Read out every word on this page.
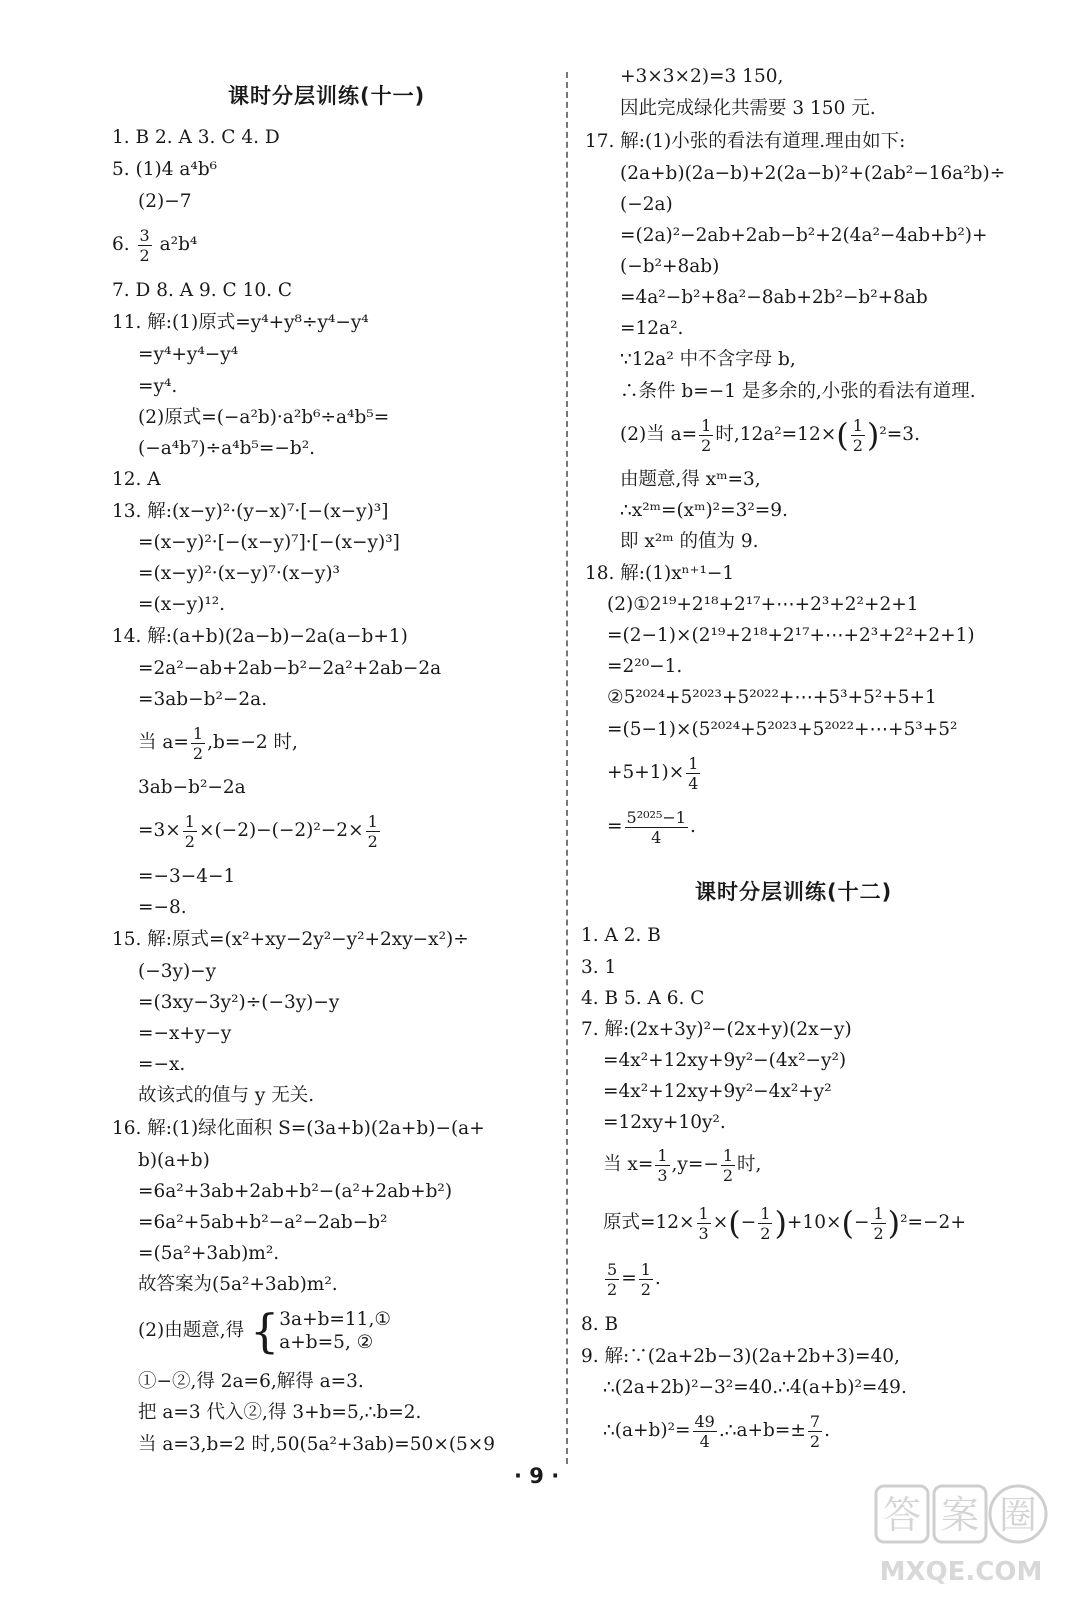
课时分层训练(十一)
1. B 2. A 3. C 4. D
5. (1)4 a⁴b⁶
(2)−7
6. $\frac{3}{2} a^2b^4$
7. D 8. A 9. C 10. C
11. 解:(1)原式=y⁴+y⁸÷y⁴−y⁴
=y⁴+y⁴−y⁴
=y⁴.
(2)原式=(−a²b)·a²b⁶÷a⁴b⁵=
(−a⁴b⁷)÷a⁴b⁵=−b².
12. A
13. 解:(x−y)²·(y−x)⁷·[−(x−y)³]
=(x−y)²·[−(x−y)⁷]·[−(x−y)³]
=(x−y)²·(x−y)⁷·(x−y)³
=(x−y)¹².
14. 解:(a+b)(2a−b)−2a(a−b+1)
=2a²−ab+2ab−b²−2a²+2ab−2a
=3ab−b²−2a.
当 $a= \frac{1}{2} ,b=-2$ 时,
3ab−b²−2a
$=3\times \frac{1}{2} \times(-2)-(-2)^2-2\times \frac{1}{2}$
=−3−4−1
=−8.
15. 解:原式=(x²+xy−2y²−y²+2xy−x²)÷
(−3y)−y
=(3xy−3y²)÷(−3y)−y
=−x+y−y
=−x.
故该式的值与 y 无关.
16. 解:(1)绿化面积 S=(3a+b)(2a+b)−(a+
b)(a+b)
=6a²+3ab+2ab+b²−(a²+2ab+b²)
=6a²+5ab+b²−a²−2ab−b²
=(5a²+3ab)m².
故答案为(5a²+3ab)m².
(2)由题意,得 { 3a+b=11,①
a+b=5, ②
①−②,得 2a=6,解得 a=3.
把 a=3 代入②,得 3+b=5,∴b=2.
当 a=3,b=2 时,50(5a²+3ab)=50×(5×9
+3×3×2)=3 150,
因此完成绿化共需要 3 150 元.
17. 解:(1)小张的看法有道理.理由如下:
(2a+b)(2a−b)+2(2a−b)²+(2ab²−16a²b)÷
(−2a)
=(2a)²−2ab+2ab−b²+2(4a²−4ab+b²)+
(−b²+8ab)
=4a²−b²+8a²−8ab+2b²−b²+8ab
=12a².
∵12a² 中不含字母 b,
∴条件 b=−1 是多余的,小张的看法有道理.
(2)当 $a= \frac{1}{2}$ 时$,12a^2=12\times( \frac{1}{2} )^2=3$.
由题意,得 xᵐ=3,
∴x²ᵐ=(xᵐ)²=3²=9.
即 x²ᵐ 的值为 9.
18. 解:(1)xⁿ⁺¹−1
(2)①2¹⁹+2¹⁸+2¹⁷+⋯+2³+2²+2+1
=(2−1)×(2¹⁹+2¹⁸+2¹⁷+⋯+2³+2²+2+1)
=2²⁰−1.
②5²⁰²⁴+5²⁰²³+5²⁰²²+⋯+5³+5²+5+1
=(5−1)×(5²⁰²⁴+5²⁰²³+5²⁰²²+⋯+5³+5²
$+5+1)\times \frac{1}{4}$
= $\frac{\text{5²⁰²⁵−1}}{4}$ .
课时分层训练(十二)
1. A 2. B
3. 1
4. B 5. A 6. C
7. 解:(2x+3y)²−(2x+y)(2x−y)
=4x²+12xy+9y²−(4x²−y²)
=4x²+12xy+9y²−4x²+y²
=12xy+10y².
当 $x= \frac{1}{3} ,y=- \frac{1}{2}$ 时,
原式$=12\times \frac{1}{3}$ ×(− $\frac{1}{2} )+10\times(- \frac{1}{2} )^2=-2+$
$\frac{5}{2} = \frac{1}{2}$ .
8. B
9. 解:∵(2a+2b−3)(2a+2b+3)=40,
∴(2a+2b)²−3²=40.∴4(a+b)²=49.
∴(a+b)²= $\frac{49}{4}$ .∴a+b=± $\frac{7}{2}$ .
· 9 ·
答 案 圈
MXQE.COM
